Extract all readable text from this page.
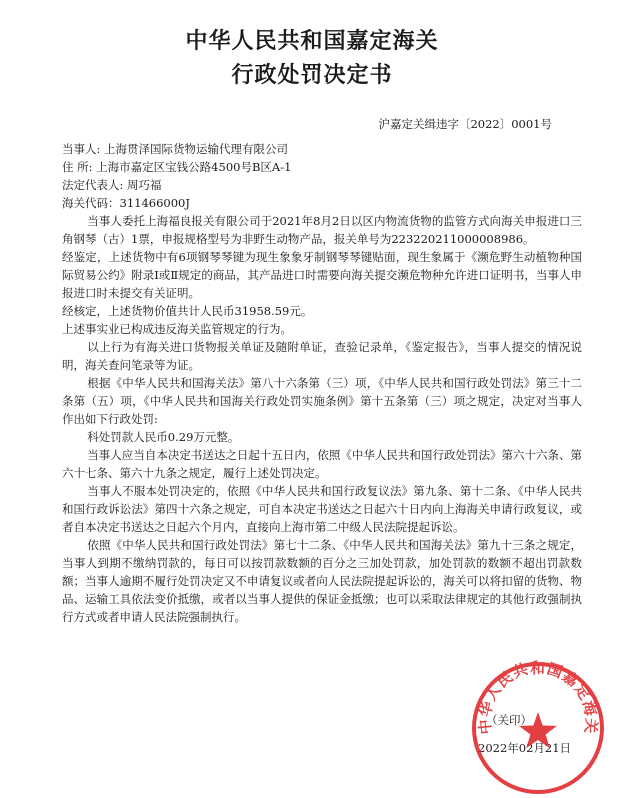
中华人民共和国嘉定海关
行政处罚决定书
沪嘉定关缉违字〔2022〕0001号

当事人: 上海贯泽国际货物运输代理有限公司

住 所: 上海市嘉定区宝钱公路4500号B区A-1

法定代表人: 周巧福

海关代码：311466000J

当事人委托上海福良报关有限公司于2021年8月2日以区内物流货物的监管方式向海关申报进口三角钢琴（古）1票，申报规格型号为非野生动物产品，报关单号为223220211000008986。

经鉴定，上述货物中有6项钢琴琴键为现生象象牙制钢琴琴键贴面，现生象属于《濒危野生动植物种国际贸易公约》附录Ⅰ或Ⅱ规定的商品，其产品进口时需要向海关提交濒危物种允许进口证明书，当事人申报进口时未提交有关证明。

经核定，上述货物价值共计人民币31958.59元。

上述事实业已构成违反海关监管规定的行为。

以上行为有海关进口货物报关单证及随附单证，查验记录单，《鉴定报告》，当事人提交的情况说明，海关查问笔录等为证。

根据《中华人民共和国海关法》第八十六条第（三）项，《中华人民共和国行政处罚法》第三十二条第（五）项，《中华人民共和国海关行政处罚实施条例》第十五条第（三）项之规定，决定对当事人作出如下行政处罚:

科处罚款人民币0.29万元整。

当事人应当自本决定书送达之日起十五日内，依照《中华人民共和国行政处罚法》第六十六条、第六十七条、第六十九条之规定，履行上述处罚决定。

当事人不服本处罚决定的，依照《中华人民共和国行政复议法》第九条、第十二条、《中华人民共和国行政诉讼法》第四十六条之规定，可自本决定书送达之日起六十日内向上海海关申请行政复议，或者自本决定书送达之日起六个月内，直接向上海市第二中级人民法院提起诉讼。

依照《中华人民共和国行政处罚法》第七十二条、《中华人民共和国海关法》第九十三条之规定，当事人到期不缴纳罚款的，每日可以按罚款数额的百分之三加处罚款，加处罚款的数额不超出罚款数额；当事人逾期不履行处罚决定又不申请复议或者向人民法院提起诉讼的，海关可以将扣留的货物、物品、运输工具依法变价抵缴，或者以当事人提供的保证金抵缴；也可以采取法律规定的其他行政强制执行方式或者申请人民法院强制执行。

（关印）
2022年02月21日
中华人民共和国嘉定海关
